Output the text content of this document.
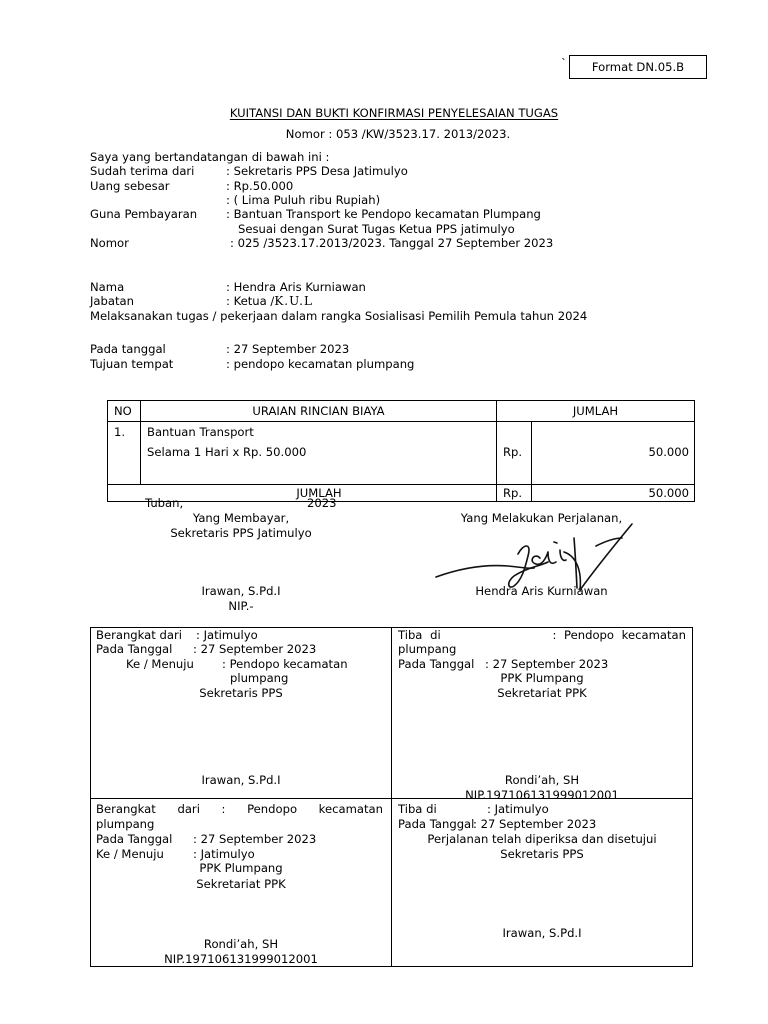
`	Format DN.05.B
KUITANSI DAN BUKTI KONFIRMASI PENYELESAIAN TUGAS
Nomor : 053 /KW/3523.17. 2013/2023.
Saya yang bertandatangan di bawah ini :
Sudah terima dari	: Sekretaris PPS Desa Jatimulyo
Uang sebesar	: Rp.50.000
: ( Lima Puluh ribu Rupiah)
Guna Pembayaran : Bantuan Transport ke Pendopo kecamatan Plumpang
Sesuai dengan Surat Tugas Ketua PPS jatimulyo
Nomor	: 025 /3523.17.2013/2023. Tanggal 27 September 2023
Nama	: Hendra Aris Kurniawan
Jabatan	: Ketua /K.U.L
Melaksanakan tugas / pekerjaan dalam rangka Sosialisasi Pemilih Pemula tahun 2024
Pada tanggal	: 27 September 2023
Tujuan tempat	: pendopo kecamatan plumpang
NO	URAIAN RINCIAN BIAYA	JUMLAH	
1.	Bantuan Transport
Selama 1 Hari x Rp. 50.000	Rp.	50.000
JUMLAH		Rp.	50.000
Tuban,	2023
Yang Membayar,
Sekretaris PPS Jatimulyo
Irawan, S.Pd.I
NIP.-
Yang Melakukan Perjalanan,
Hendra Aris Kurniawan
Berangkat dari : Jatimulyo
Pada Tanggal : 27 September 2023
Ke / Menuju : Pendopo kecamatan
plumpang
Sekretaris PPS
Irawan, S.Pd.I
Tiba di	: Pendopo kecamatan
plumpang
Pada Tanggal : 27 September 2023
PPK Plumpang
Sekretariat PPK
Rondi’ah, SH
NIP.197106131999012001
Berangkat dari : Pendopo kecamatan
plumpang
Pada Tanggal : 27 September 2023
Ke / Menuju	: Jatimulyo
PPK Plumpang
Sekretariat PPK
Rondi’ah, SH
NIP.197106131999012001
Tiba di	: Jatimulyo
Pada Tanggal
: 27 September 2023
Perjalanan telah diperiksa dan disetujui
Sekretaris PPS
Irawan, S.Pd.I
